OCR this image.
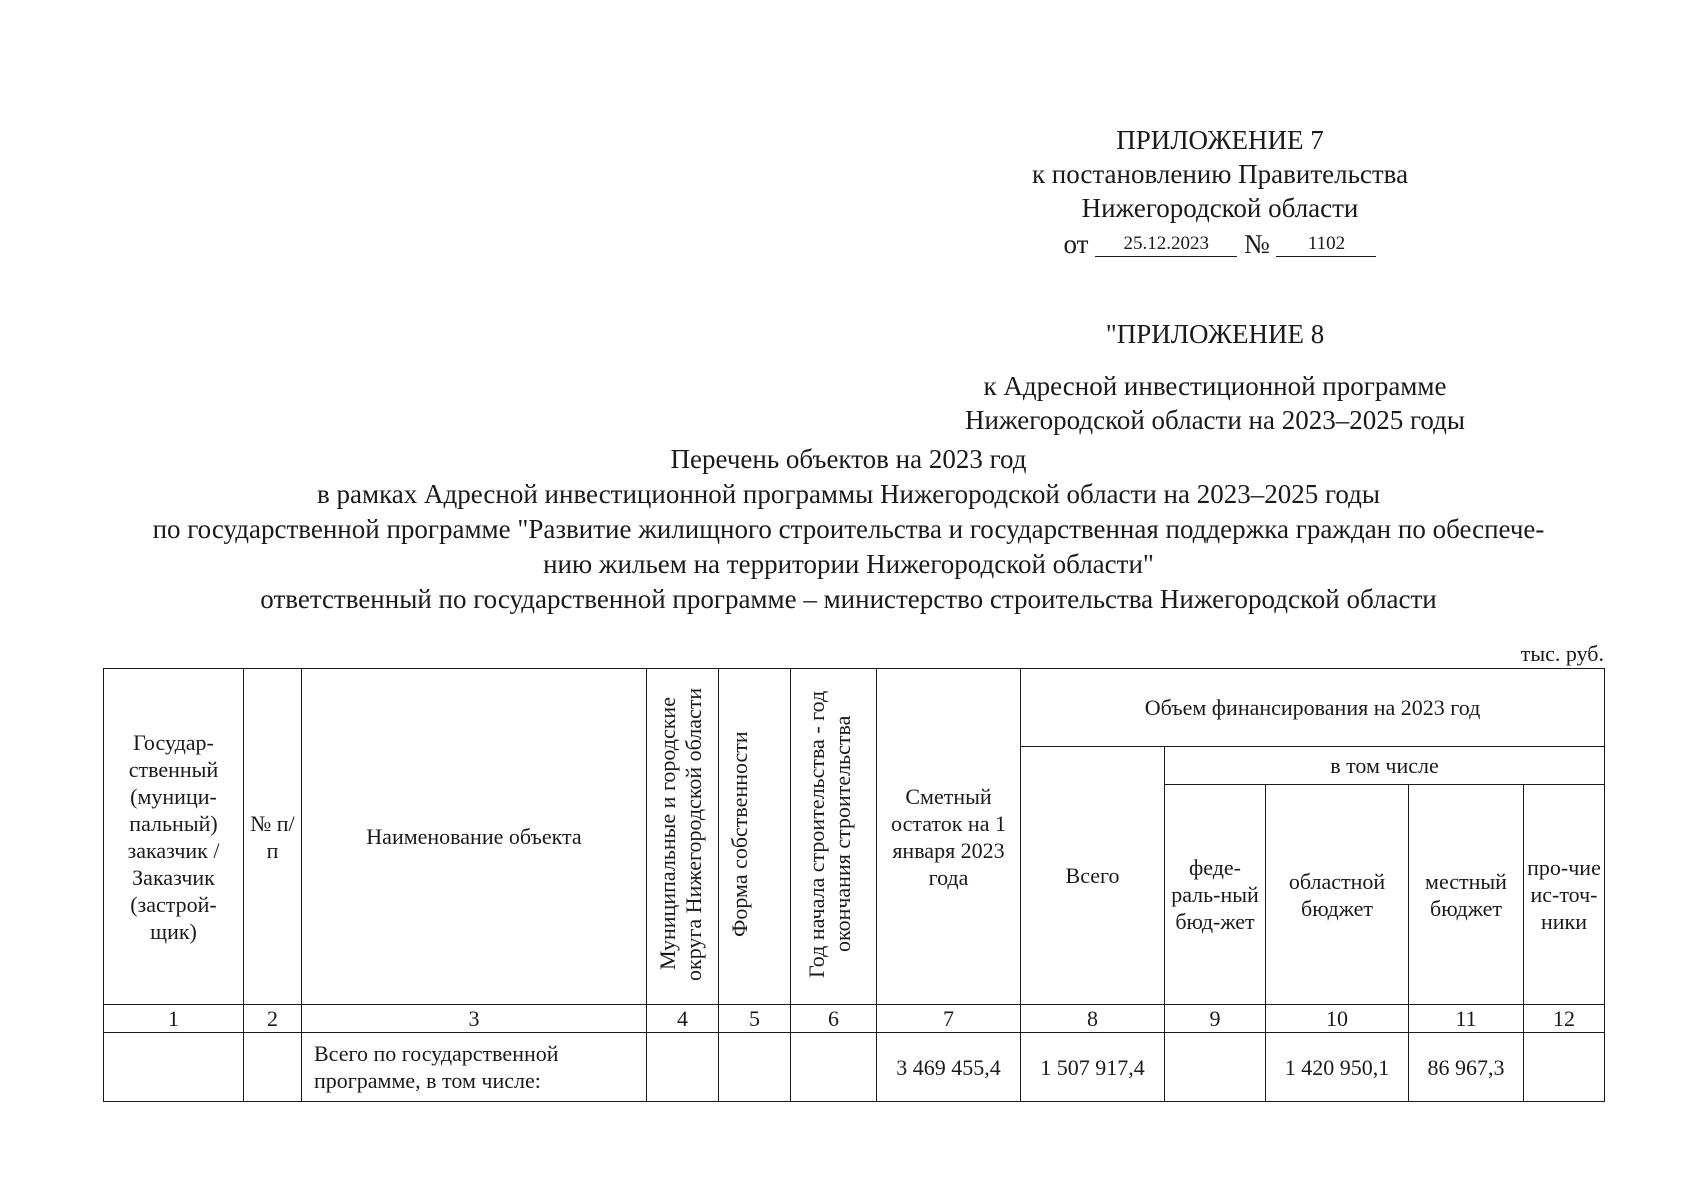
ПРИЛОЖЕНИЕ 7
к постановлению Правительства
Нижегородской области
от 25.12.2023 № 1102
"ПРИЛОЖЕНИЕ 8
к Адресной инвестиционной программе
Нижегородской области на 2023–2025 годы
Перечень объектов на 2023 год
в рамках Адресной инвестиционной программы Нижегородской области на 2023–2025 годы
по государственной программе "Развитие жилищного строительства и государственная поддержка граждан по обеспече-
нию жильем на территории Нижегородской области"
ответственный по государственной программе – министерство строительства Нижегородской области
тыс. руб.
Государ-ственный (муници-пальный) заказчик / Заказчик (застрой-щик)	№ п/п	Наименование объекта	Муниципальные и городские округа Нижегородской области	Форма собственности	Год начала строительства - год окончания строительства	Сметный остаток на 1 января 2023 года	Объем финансирования на 2023 год				
							Всего	в том числе			
								феде-раль-ный бюд-жет	областной бюджет	местный бюджет	про-чие ис-точ-ники
1	2	3	4	5	6	7	8	9	10	11	12
		Всего по государственной программе, в том числе:				3 469 455,4	1 507 917,4		1 420 950,1	86 967,3	
